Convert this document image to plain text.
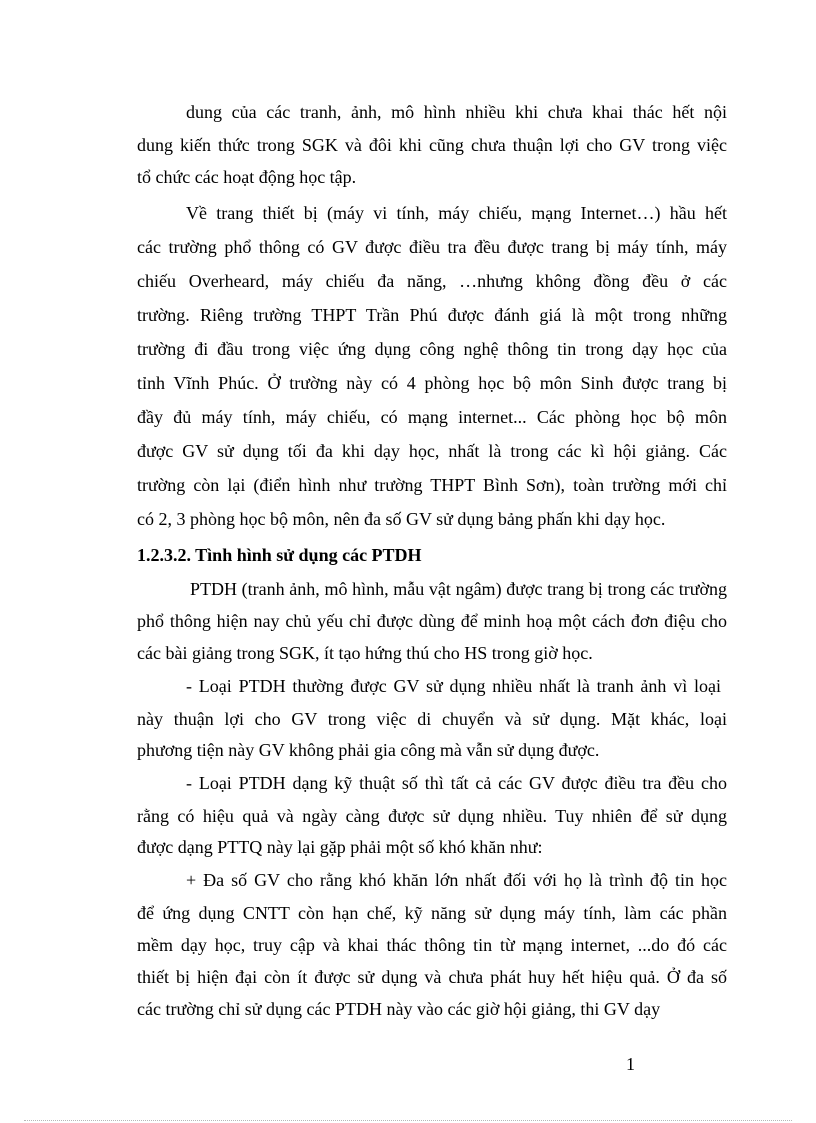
dung của các tranh, ảnh, mô hình nhiều khi chưa khai thác hết nội
dung kiến thức trong SGK và đôi khi cũng chưa thuận lợi cho GV trong việc
tổ chức các hoạt động học tập.
Về trang thiết bị (máy vi tính, máy chiếu, mạng Internet…) hầu hết
các trường phổ thông có GV được điều tra đều được trang bị máy tính, máy
chiếu Overheard, máy chiếu đa năng, …nhưng không đồng đều ở các
trường. Riêng trường THPT Trần Phú được đánh giá là một trong những
trường đi đầu trong việc ứng dụng công nghệ thông tin trong dạy học của
tỉnh Vĩnh Phúc. Ở trường này có 4 phòng học bộ môn Sinh được trang bị
đầy đủ máy tính, máy chiếu, có mạng internet... Các phòng học bộ môn
được GV sử dụng tối đa khi dạy học, nhất là trong các kì hội giảng. Các
trường còn lại (điển hình như trường THPT Bình Sơn), toàn trường mới chỉ
có 2, 3 phòng học bộ môn, nên đa số GV sử dụng bảng phấn khi dạy học.
1.2.3.2. Tình hình sử dụng các PTDH
PTDH (tranh ảnh, mô hình, mẫu vật ngâm) được trang bị trong các trường
phổ thông hiện nay chủ yếu chỉ được dùng để minh hoạ một cách đơn điệu cho
các bài giảng trong SGK, ít tạo hứng thú cho HS trong giờ học.
- Loại PTDH thường được GV sử dụng nhiều nhất là tranh ảnh vì loại
này thuận lợi cho GV trong việc di chuyển và sử dụng. Mặt khác, loại
phương tiện này GV không phải gia công mà vẫn sử dụng được.
- Loại PTDH dạng kỹ thuật số thì tất cả các GV được điều tra đều cho
rằng có hiệu quả và ngày càng được sử dụng nhiều. Tuy nhiên để sử dụng
được dạng PTTQ này lại gặp phải một số khó khăn như:
+ Đa số GV cho rằng khó khăn lớn nhất đối với họ là trình độ tin học
để ứng dụng CNTT còn hạn chế, kỹ năng sử dụng máy tính, làm các phần
mềm dạy học, truy cập và khai thác thông tin từ mạng internet, ...do đó các
thiết bị hiện đại còn ít được sử dụng và chưa phát huy hết hiệu quả. Ở đa số
các trường chỉ sử dụng các PTDH này vào các giờ hội giảng, thi GV dạy
1
